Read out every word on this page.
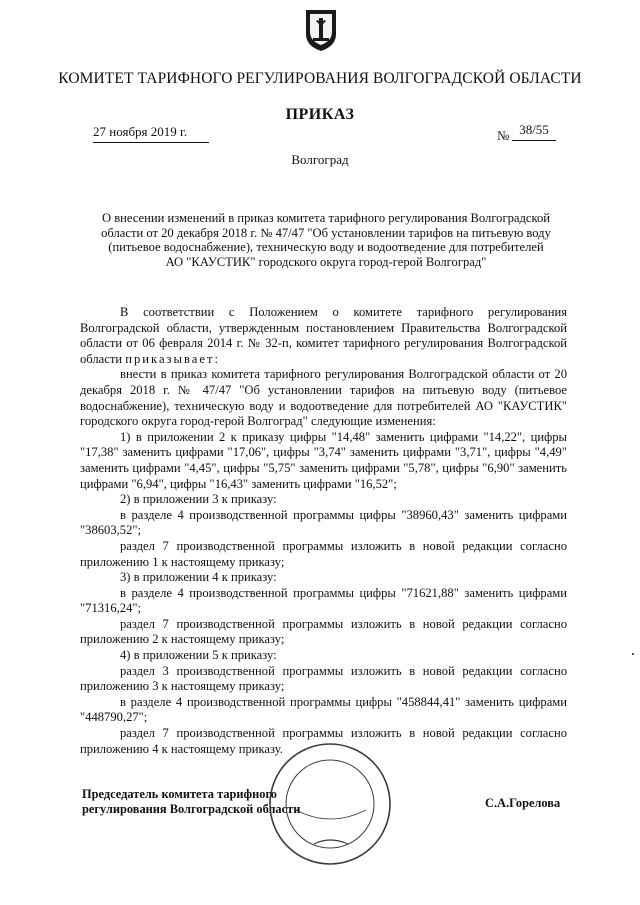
КОМИТЕТ ТАРИФНОГО РЕГУЛИРОВАНИЯ ВОЛГОГРАДСКОЙ ОБЛАСТИ
ПРИКАЗ
27 ноября 2019 г.	№ 38/55
Волгоград
О внесении изменений в приказ комитета тарифного регулирования Волгоградской
области от 20 декабря 2018 г. № 47/47 "Об установлении тарифов на питьевую воду
(питьевое водоснабжение), техническую воду и водоотведение для потребителей
АО "КАУСТИК" городского округа город-герой Волгоград"

В соответствии с Положением о комитете тарифного регулирования Волгоградской области, утвержденным постановлением Правительства Волгоградской области от 06 февраля 2014 г. № 32-п, комитет тарифного регулирования Волгоградской области приказывает:

внести в приказ комитета тарифного регулирования Волгоградской области от 20 декабря 2018 г. № 47/47 "Об установлении тарифов на питьевую воду (питьевое водоснабжение), техническую воду и водоотведение для потребителей АО "КАУСТИК" городского округа город-герой Волгоград" следующие изменения:

1) в приложении 2 к приказу цифры "14,48" заменить цифрами "14,22", цифры "17,38" заменить цифрами "17,06", цифры "3,74" заменить цифрами "3,71", цифры "4,49" заменить цифрами "4,45", цифры "5,75" заменить цифрами "5,78", цифры "6,90" заменить цифрами "6,94", цифры "16,43" заменить цифрами "16,52";

2) в приложении 3 к приказу:

в разделе 4 производственной программы цифры "38960,43" заменить цифрами "38603,52";

раздел 7 производственной программы изложить в новой редакции согласно приложению 1 к настоящему приказу;

3) в приложении 4 к приказу:

в разделе 4 производственной программы цифры "71621,88" заменить цифрами "71316,24";

раздел 7 производственной программы изложить в новой редакции согласно приложению 2 к настоящему приказу;

4) в приложении 5 к приказу:

раздел 3 производственной программы изложить в новой редакции согласно приложению 3 к настоящему приказу;

в разделе 4 производственной программы цифры "458844,41" заменить цифрами "448790,27";

раздел 7 производственной программы изложить в новой редакции согласно приложению 4 к настоящему приказу.

Председатель комитета тарифного
регулирования Волгоградской области	С.А.Горелова
